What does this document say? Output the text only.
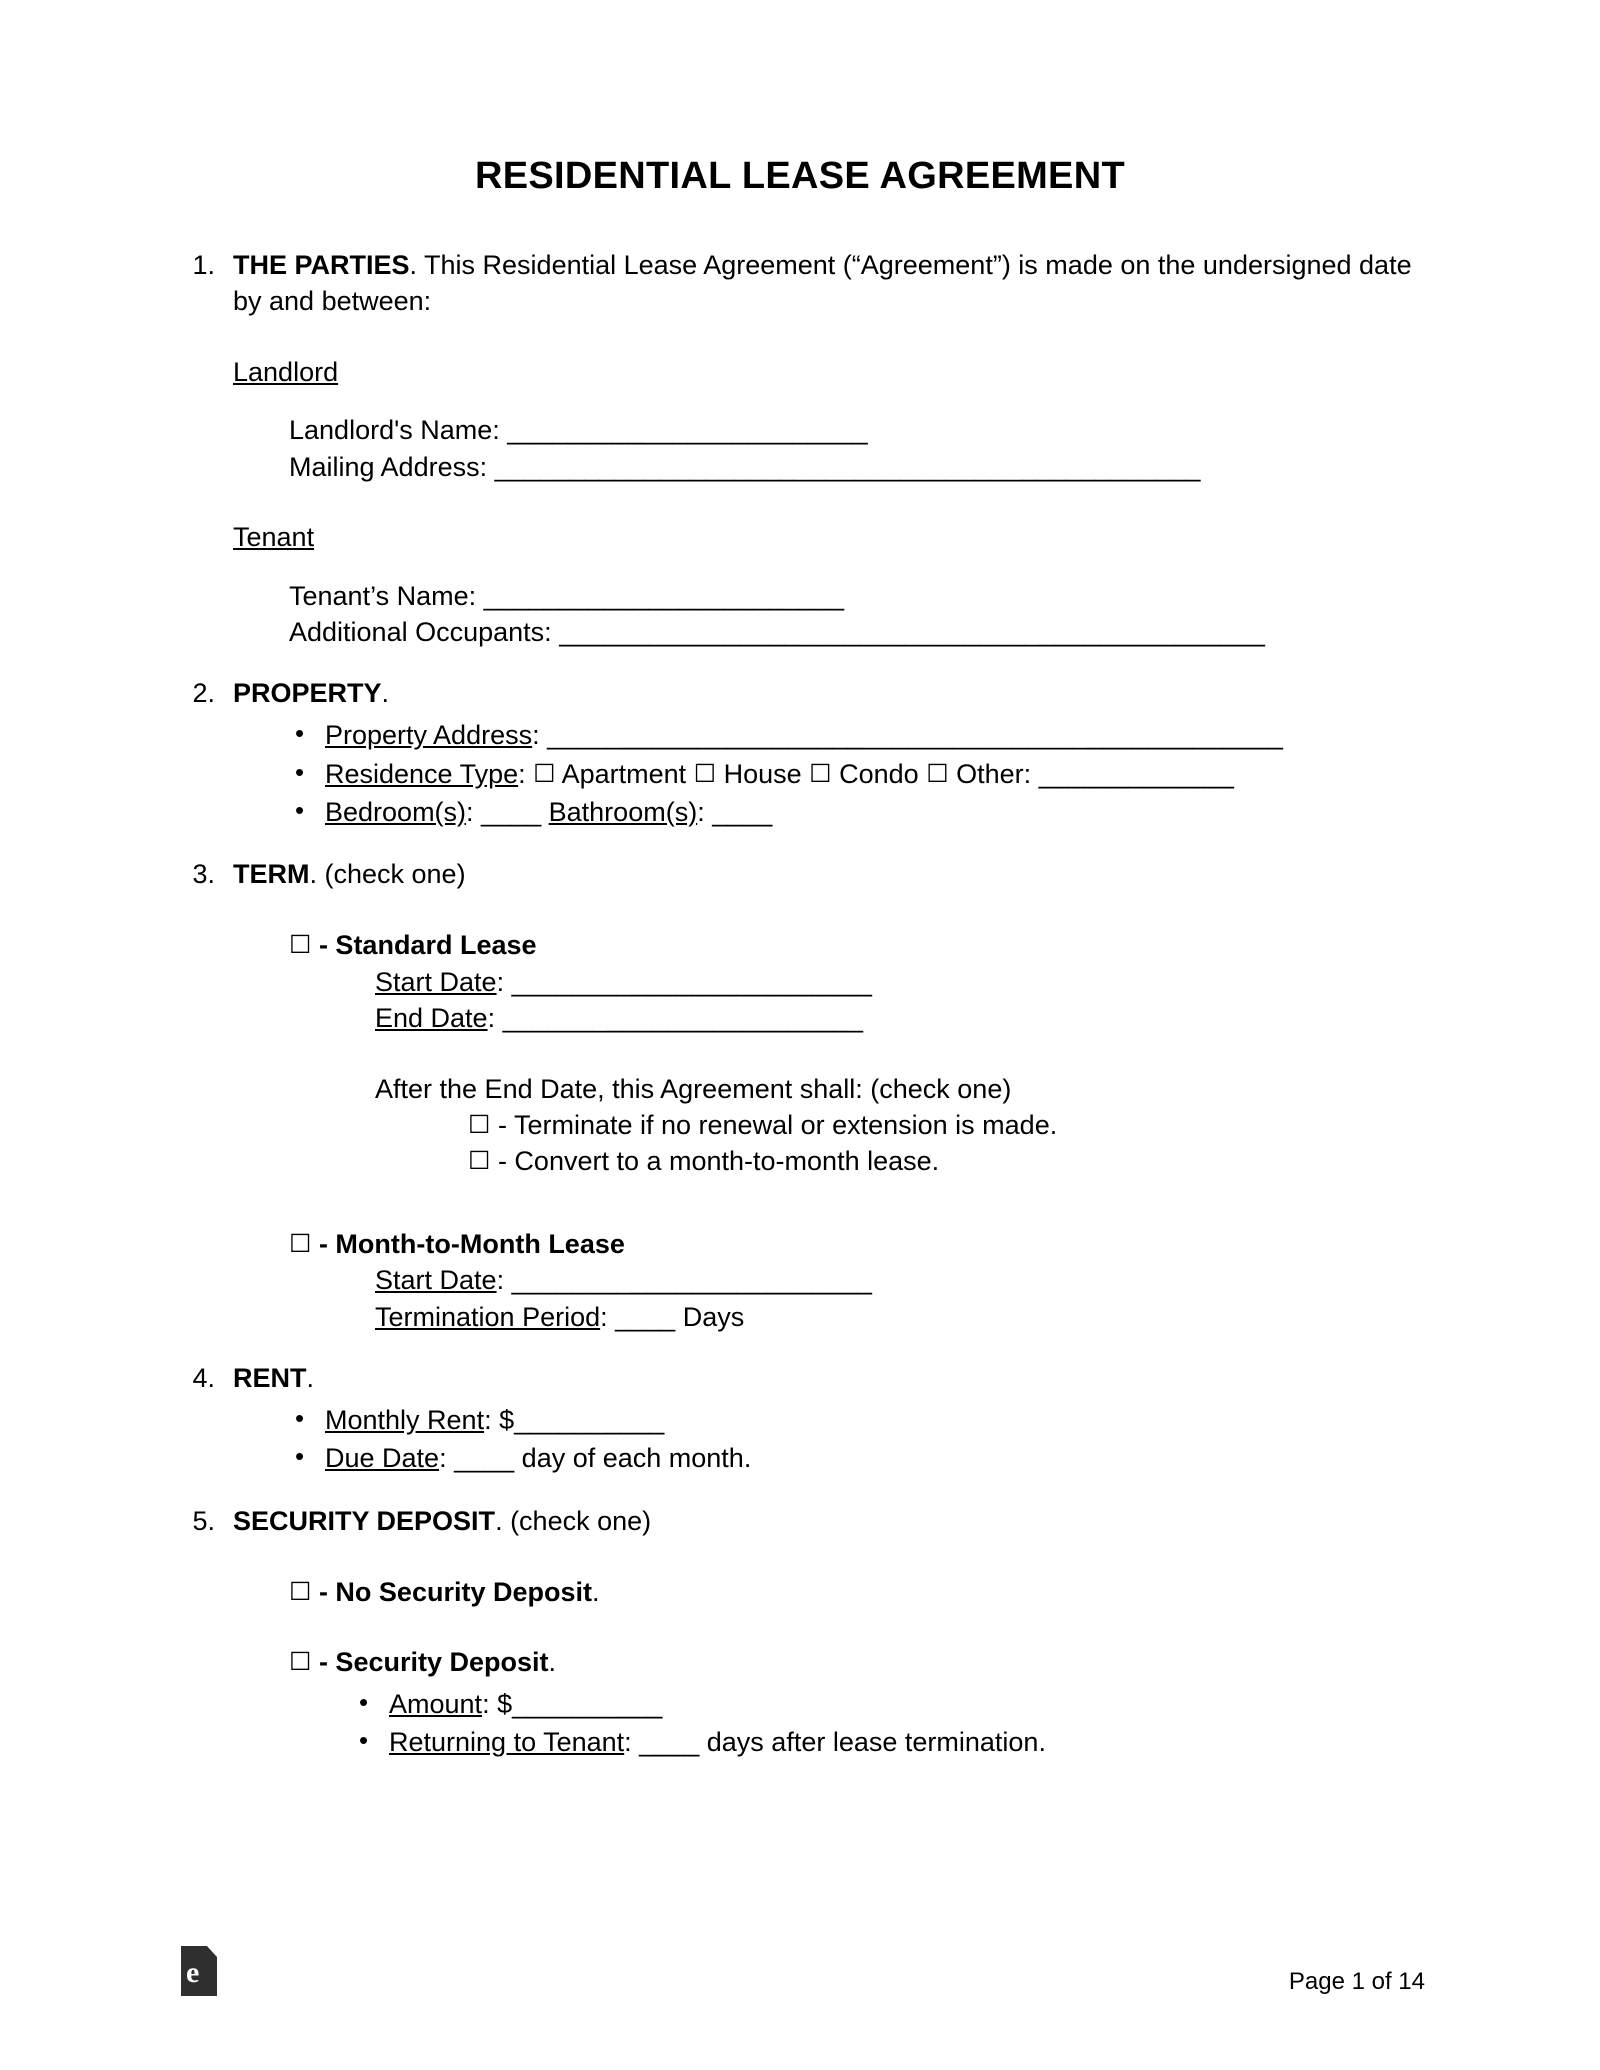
RESIDENTIAL LEASE AGREEMENT
1. THE PARTIES. This Residential Lease Agreement (“Agreement”) is made on the undersigned date by and between:
Landlord
Landlord's Name: ________________________
Mailing Address: _______________________________________________
Tenant
Tenant’s Name: ________________________
Additional Occupants: _______________________________________________
2. PROPERTY.
• Property Address: _________________________________________________
• Residence Type: ☐ Apartment ☐ House ☐ Condo ☐ Other: _____________
• Bedroom(s): ____ Bathroom(s): ____
3. TERM. (check one)
☐ - Standard Lease
Start Date: ________________________
End Date: ________________________
After the End Date, this Agreement shall: (check one)
☐ - Terminate if no renewal or extension is made.
☐ - Convert to a month-to-month lease.
☐ - Month-to-Month Lease
Start Date: ________________________
Termination Period: ____ Days
4. RENT.
• Monthly Rent: $__________
• Due Date: ____ day of each month.
5. SECURITY DEPOSIT. (check one)
☐ - No Security Deposit.
☐ - Security Deposit.
• Amount: $__________
• Returning to Tenant: ____ days after lease termination.
e	Page 1 of 14
